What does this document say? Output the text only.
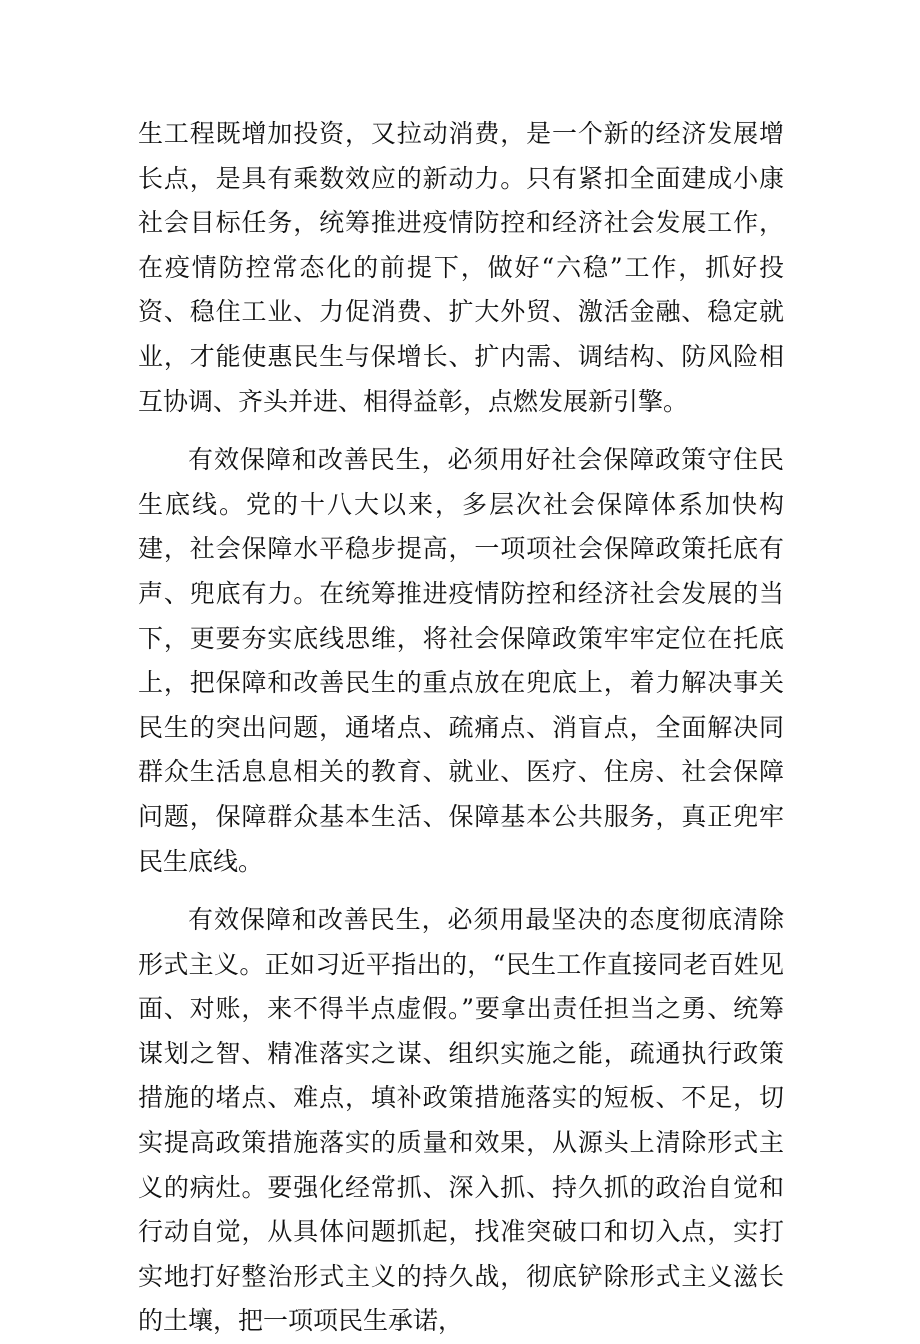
生工程既增加投资，又拉动消费，是一个新的经济发展增长点，是具有乘数效应的新动力。只有紧扣全面建成小康社会目标任务，统筹推进疫情防控和经济社会发展工作，在疫情防控常态化的前提下，做好“六稳”工作，抓好投资、稳住工业、力促消费、扩大外贸、激活金融、稳定就业，才能使惠民生与保增长、扩内需、调结构、防风险相互协调、齐头并进、相得益彰，点燃发展新引擎。

有效保障和改善民生，必须用好社会保障政策守住民生底线。党的十八大以来，多层次社会保障体系加快构建，社会保障水平稳步提高，一项项社会保障政策托底有声、兜底有力。在统筹推进疫情防控和经济社会发展的当下，更要夯实底线思维，将社会保障政策牢牢定位在托底上，把保障和改善民生的重点放在兜底上，着力解决事关民生的突出问题，通堵点、疏痛点、消盲点，全面解决同群众生活息息相关的教育、就业、医疗、住房、社会保障问题，保障群众基本生活、保障基本公共服务，真正兜牢民生底线。

有效保障和改善民生，必须用最坚决的态度彻底清除形式主义。正如习近平指出的，“民生工作直接同老百姓见面、对账，来不得半点虚假。”要拿出责任担当之勇、统筹谋划之智、精准落实之谋、组织实施之能，疏通执行政策措施的堵点、难点，填补政策措施落实的短板、不足，切实提高政策措施落实的质量和效果，从源头上清除形式主义的病灶。要强化经常抓、深入抓、持久抓的政治自觉和行动自觉，从具体问题抓起，找准突破口和切入点，实打实地打好整治形式主义的持久战，彻底铲除形式主义滋长的土壤，把一项项民生承诺，
